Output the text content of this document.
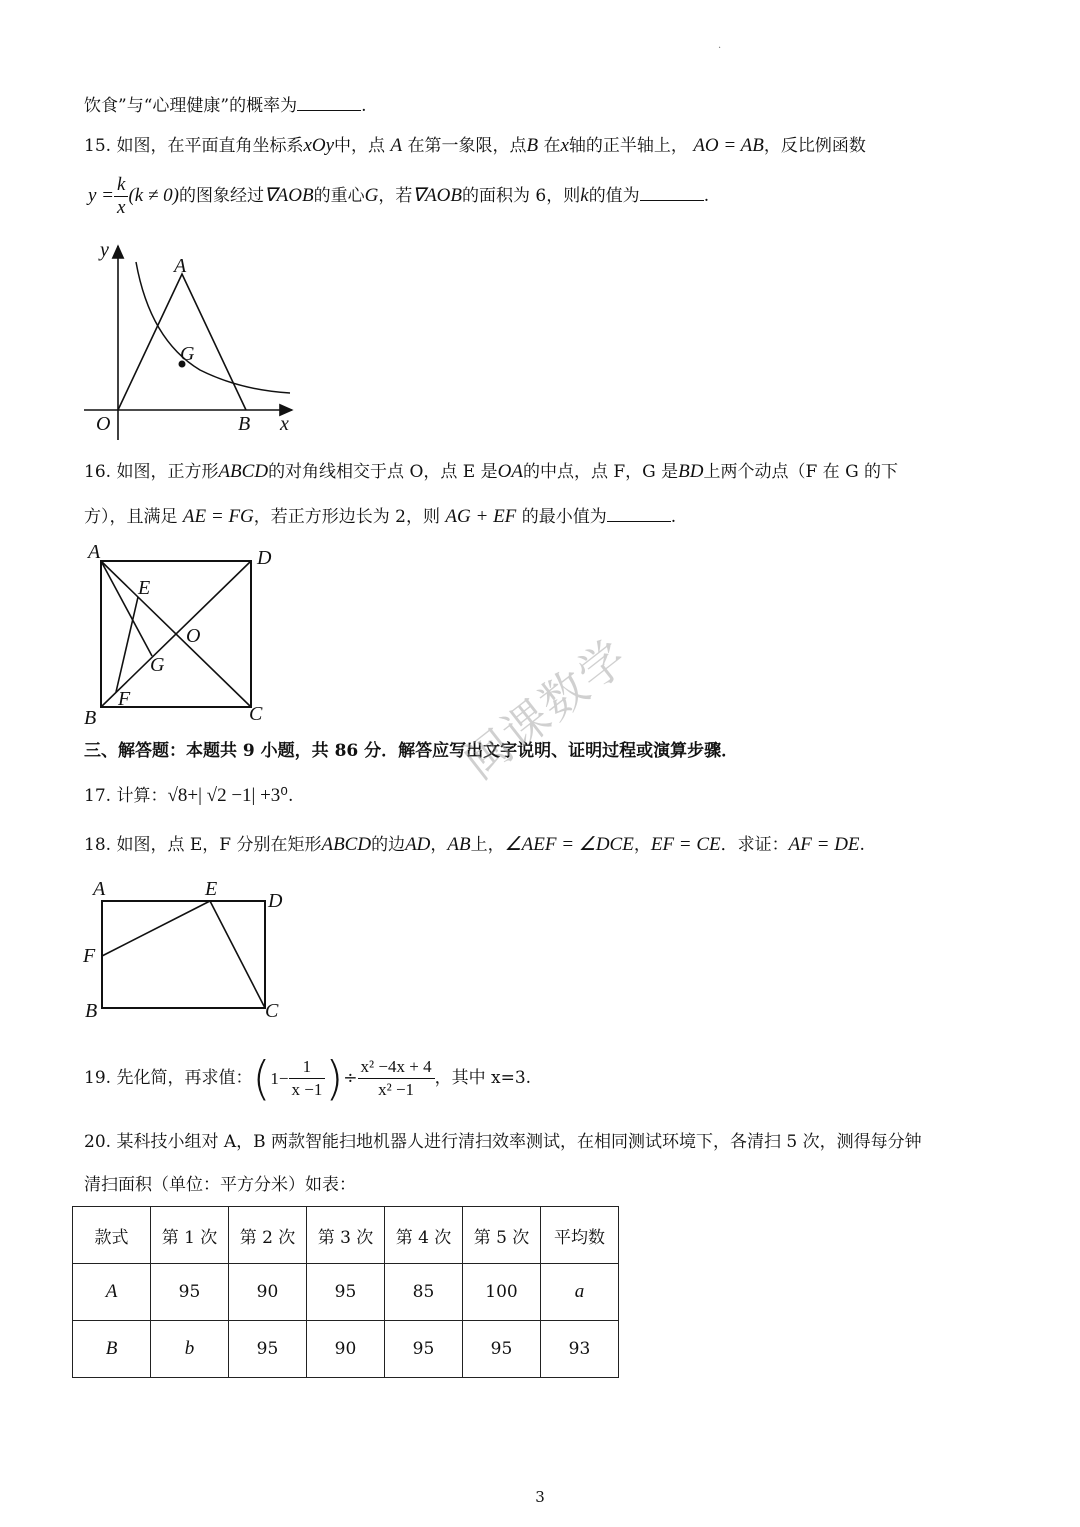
.
饮食”与“心理健康”的概率为	.
15. 如图，在平面直角坐标系xOy中，点 A 在第一象限，点B 在x轴的正半轴上， AO = AB，反比例函数
$y = \frac{k}{x} (k \ne 0)$的图象经过∇AOB的重心G，若∇AOB的面积为 6，则k的值为	.
y
A
G
O	B x
16. 如图，正方形ABCD的对角线相交于点 O，点 E 是OA的中点，点 F，G 是BD上两个动点（F 在 G 的下
方），且满足 AE = FG，若正方形边长为 2，则 AG + EF 的最小值为	.
A	D
E
O
G
F
B	C
三、解答题：本题共 9 小题，共 86 分．解答应写出文字说明、证明过程或演算步骤．
闽课数学
17. 计算：√8+| √2 −1| +3⁰.
18. 如图，点 E，F 分别在矩形ABCD的边AD，AB上，∠AEF = ∠DCE，EF = CE．求证：AF = DE.
A	E
D
F
B	C
19. 先化简，再求值：( $1- \frac{1}{x -1}$ )÷ $\frac{\text{x² −4x + 4}}{\text{x² −1}}$ ，其中 x=3.
20. 某科技小组对 A，B 两款智能扫地机器人进行清扫效率测试，在相同测试环境下，各清扫 5 次，测得每分钟
清扫面积（单位：平方分米）如表：
款式	第 1 次	第 2 次	第 3 次	第 4 次	第 5 次	平均数
A	95	90	95	85	100	a
B	b	95	90	95	95	93
3
